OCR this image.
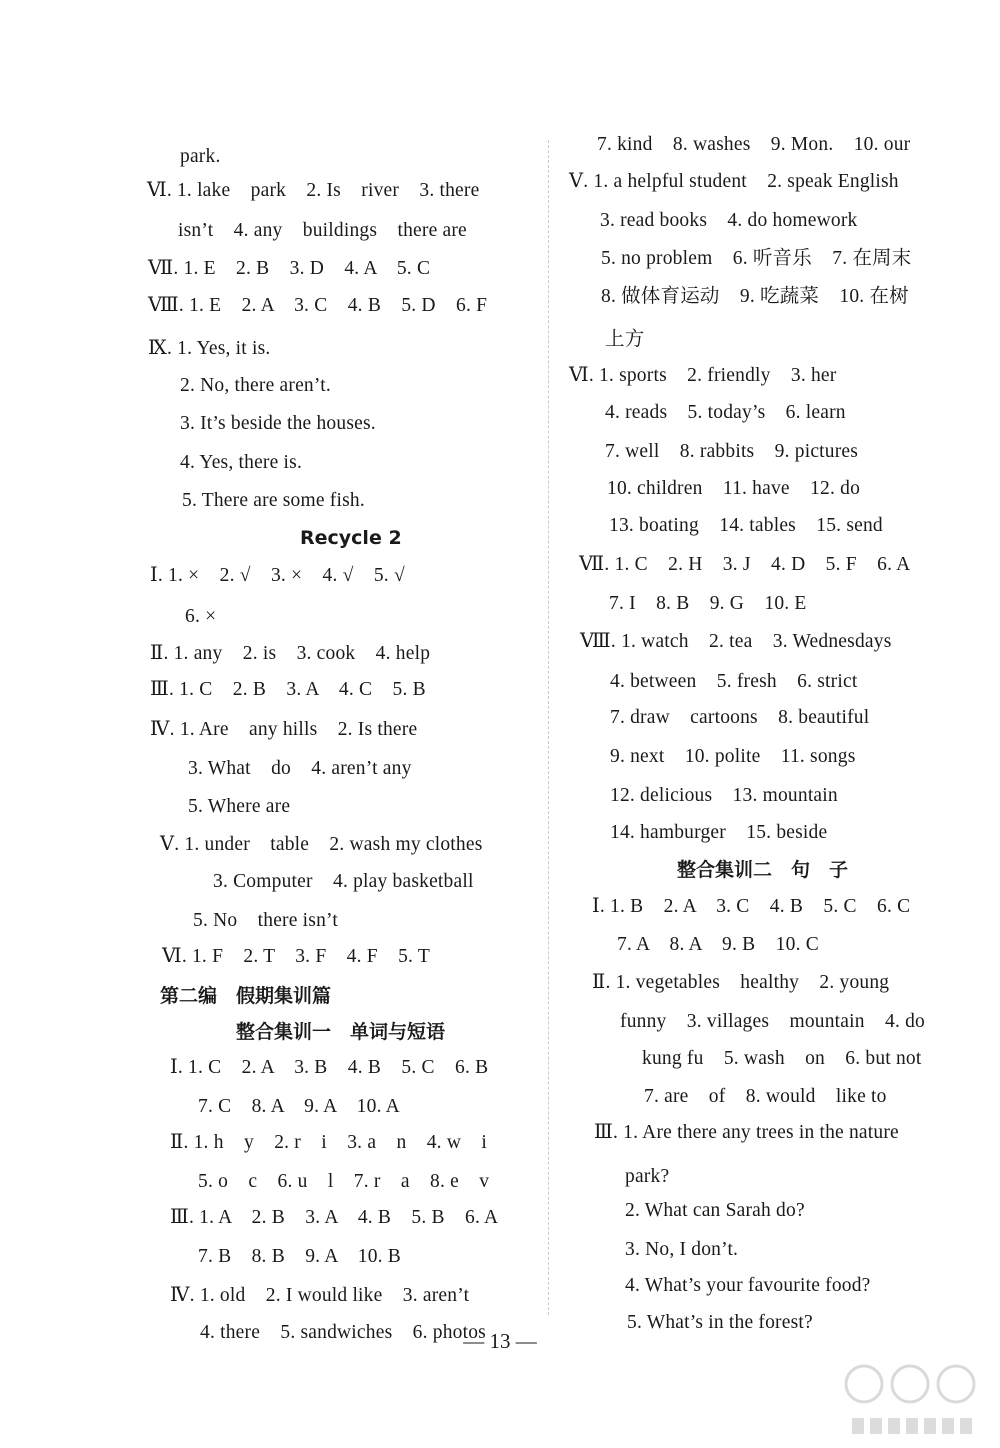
park.
Ⅵ. 1. lake    park    2. Is    river    3. there
isn’t    4. any    buildings    there are
Ⅶ. 1. E    2. B    3. D    4. A    5. C
Ⅷ. 1. E    2. A    3. C    4. B    5. D    6. F
Ⅸ. 1. Yes, it is.
2. No, there aren’t.
3. It’s beside the houses.
4. Yes, there is.
5. There are some fish.
Recycle 2
Ⅰ. 1. ×    2. √    3. ×    4. √    5. √
6. ×
Ⅱ. 1. any    2. is    3. cook    4. help
Ⅲ. 1. C    2. B    3. A    4. C    5. B
Ⅳ. 1. Are    any hills    2. Is there
3. What    do    4. aren’t any
5. Where are
Ⅴ. 1. under    table    2. wash my clothes
3. Computer    4. play basketball
5. No    there isn’t
Ⅵ. 1. F    2. T    3. F    4. F    5. T
第二编　假期集训篇
整合集训一　单词与短语
Ⅰ. 1. C    2. A    3. B    4. B    5. C    6. B
7. C    8. A    9. A    10. A
Ⅱ. 1. h    y    2. r    i    3. a    n    4. w    i
5. o    c    6. u    l    7. r    a    8. e    v
Ⅲ. 1. A    2. B    3. A    4. B    5. B    6. A
7. B    8. B    9. A    10. B
Ⅳ. 1. old    2. I would like    3. aren’t
4. there    5. sandwiches    6. photos
7. kind    8. washes    9. Mon.    10. our
Ⅴ. 1. a helpful student    2. speak English
3. read books    4. do homework
5. no problem    6. 听音乐    7. 在周末
8. 做体育运动    9. 吃蔬菜    10. 在树
上方
Ⅵ. 1. sports    2. friendly    3. her
4. reads    5. today’s    6. learn
7. well    8. rabbits    9. pictures
10. children    11. have    12. do
13. boating    14. tables    15. send
Ⅶ. 1. C    2. H    3. J    4. D    5. F    6. A
7. I    8. B    9. G    10. E
Ⅷ. 1. watch    2. tea    3. Wednesdays
4. between    5. fresh    6. strict
7. draw    cartoons    8. beautiful
9. next    10. polite    11. songs
12. delicious    13. mountain
14. hamburger    15. beside
整合集训二　句　子
Ⅰ. 1. B    2. A    3. C    4. B    5. C    6. C
7. A    8. A    9. B    10. C
Ⅱ. 1. vegetables    healthy    2. young
funny    3. villages    mountain    4. do
kung fu    5. wash    on    6. but not
7. are    of    8. would    like to
Ⅲ. 1. Are there any trees in the nature
park?
2. What can Sarah do?
3. No, I don’t.
4. What’s your favourite food?
5. What’s in the forest?
— 13 —
